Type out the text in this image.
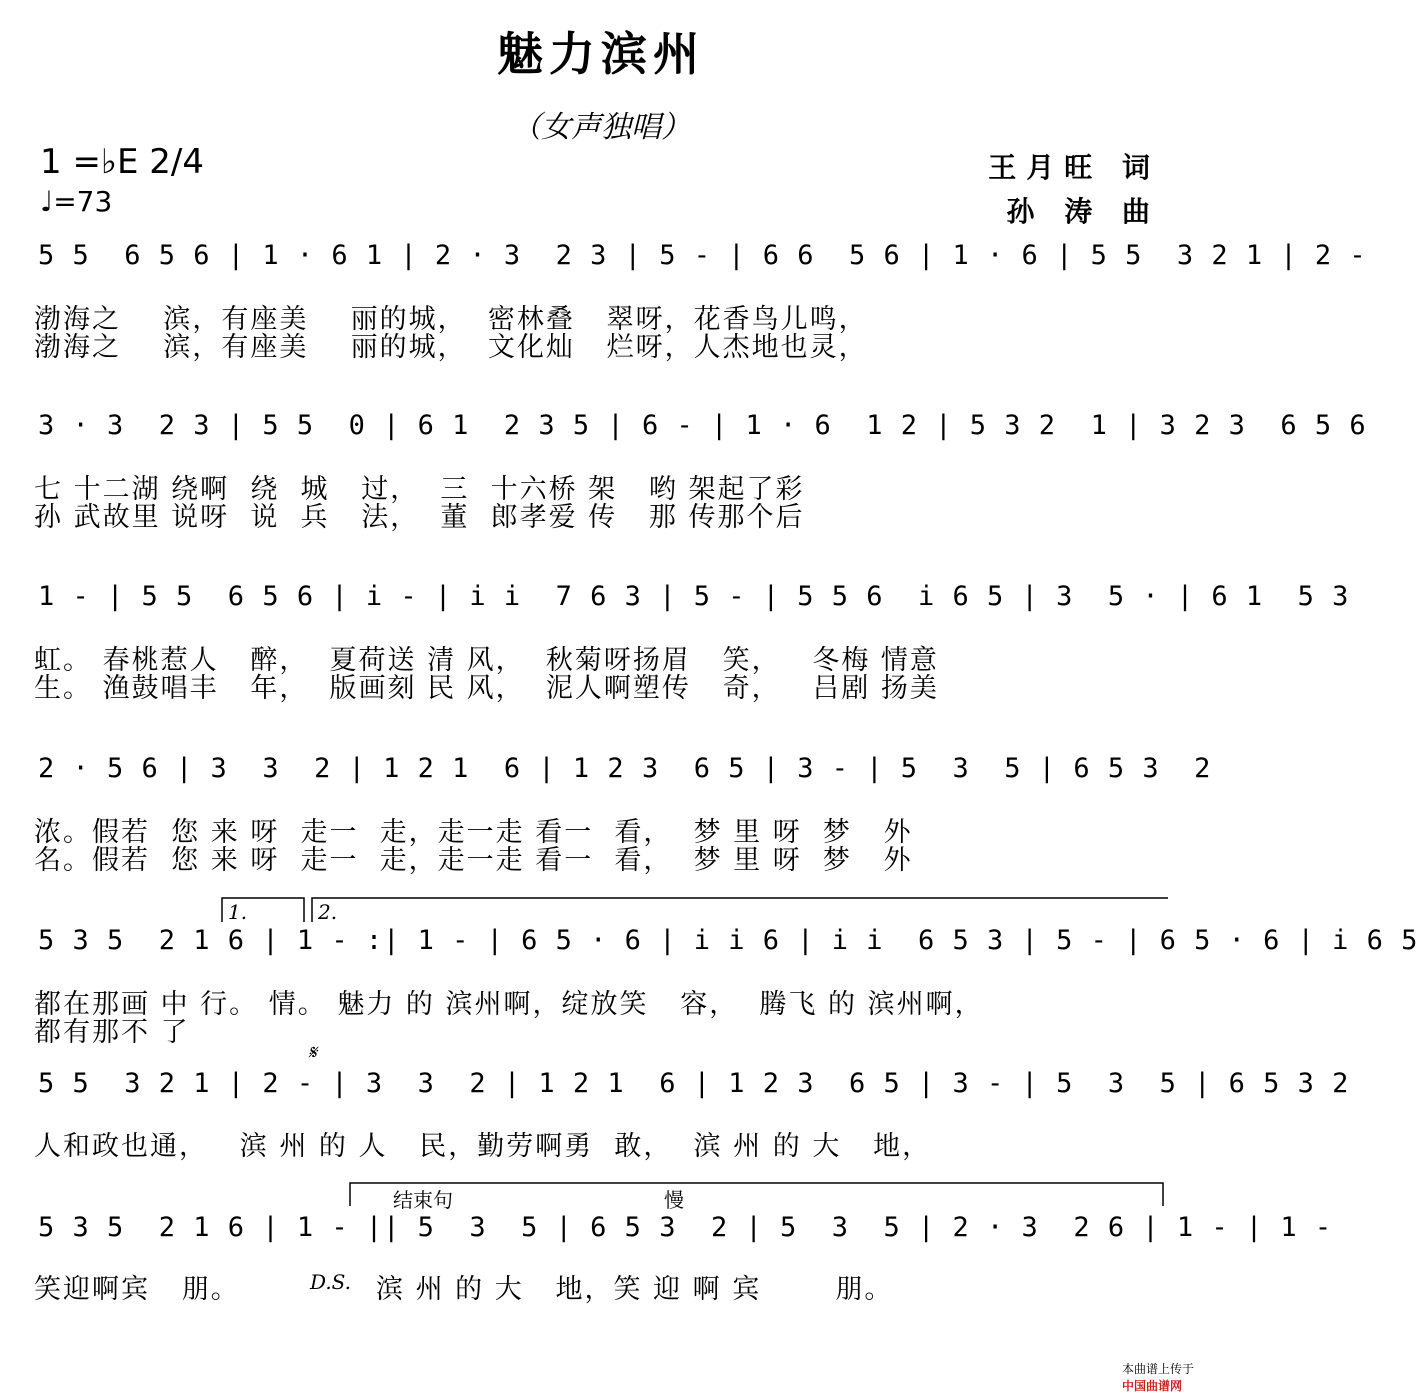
魅力滨州
（女声独唱）
1 =♭E 2/4
♩=73
王月旺 词
孙 涛 曲
5 5  6 5 6 | 1 · 6 1 | 2 · 3  2 3 | 5 - | 6 6  5 6 | 1 · 6 | 5 5  3 2 1 | 2 -
渤海之    滨，有座美    丽的城，  密林叠   翠呀，花香鸟儿鸣，
渤海之    滨，有座美    丽的城，  文化灿   烂呀，人杰地也灵，
3 · 3  2 3 | 5 5  0 | 6 1  2 3 5 | 6 - | 1 · 6  1 2 | 5 3 2  1 | 3 2 3  6 5 6
七 十二湖 绕啊  绕  城   过，  三  十六桥 架   哟 架起了彩
孙 武故里 说呀  说  兵   法，  董  郎孝爱 传   那 传那个后
1 - | 5 5  6 5 6 | i - | i i  7 6 3 | 5 - | 5 5 6  i 6 5 | 3  5 · | 6 1  5 3
虹。 春桃惹人   醉，  夏荷送 清 风，  秋菊呀扬眉   笑，   冬梅 情意
生。 渔鼓唱丰   年，  版画刻 民 风，  泥人啊塑传   奇，   吕剧 扬美
2 · 5 6 | 3  3  2 | 1 2 1  6 | 1 2 3  6 5 | 3 - | 5  3  5 | 6 5 3  2
浓。假若  您 来 呀  走一  走，走一走 看一  看，  梦 里 呀  梦   外
名。假若  您 来 呀  走一  走，走一走 看一  看，  梦 里 呀  梦   外
1.	2.
5 3 5  2 1 6 | 1 - :| 1 - | 6 5 · 6 | i i 6 | i i  6 5 3 | 5 - | 6 5 · 6 | i 6 5
都在那画 中 行。 情。 魅力 的 滨州啊，绽放笑   容，  腾飞 的 滨州啊，
都有那不 了
𝄋
5 5  3 2 1 | 2 - | 3  3  2 | 1 2 1  6 | 1 2 3  6 5 | 3 - | 5  3  5 | 6 5 3 2
人和政也通，   滨 州 的 人   民，勤劳啊勇  敢，  滨 州 的 大   地，
结束句	慢
5 3 5  2 1 6 | 1 - || 5  3  5 | 6 5 3  2 | 5  3  5 | 2 · 3  2 6 | 1 - | 1 -
笑迎啊宾   朋。	D.S. 滨 州 的 大   地，笑 迎 啊 宾       朋。

本曲谱上传于
中国曲谱网
